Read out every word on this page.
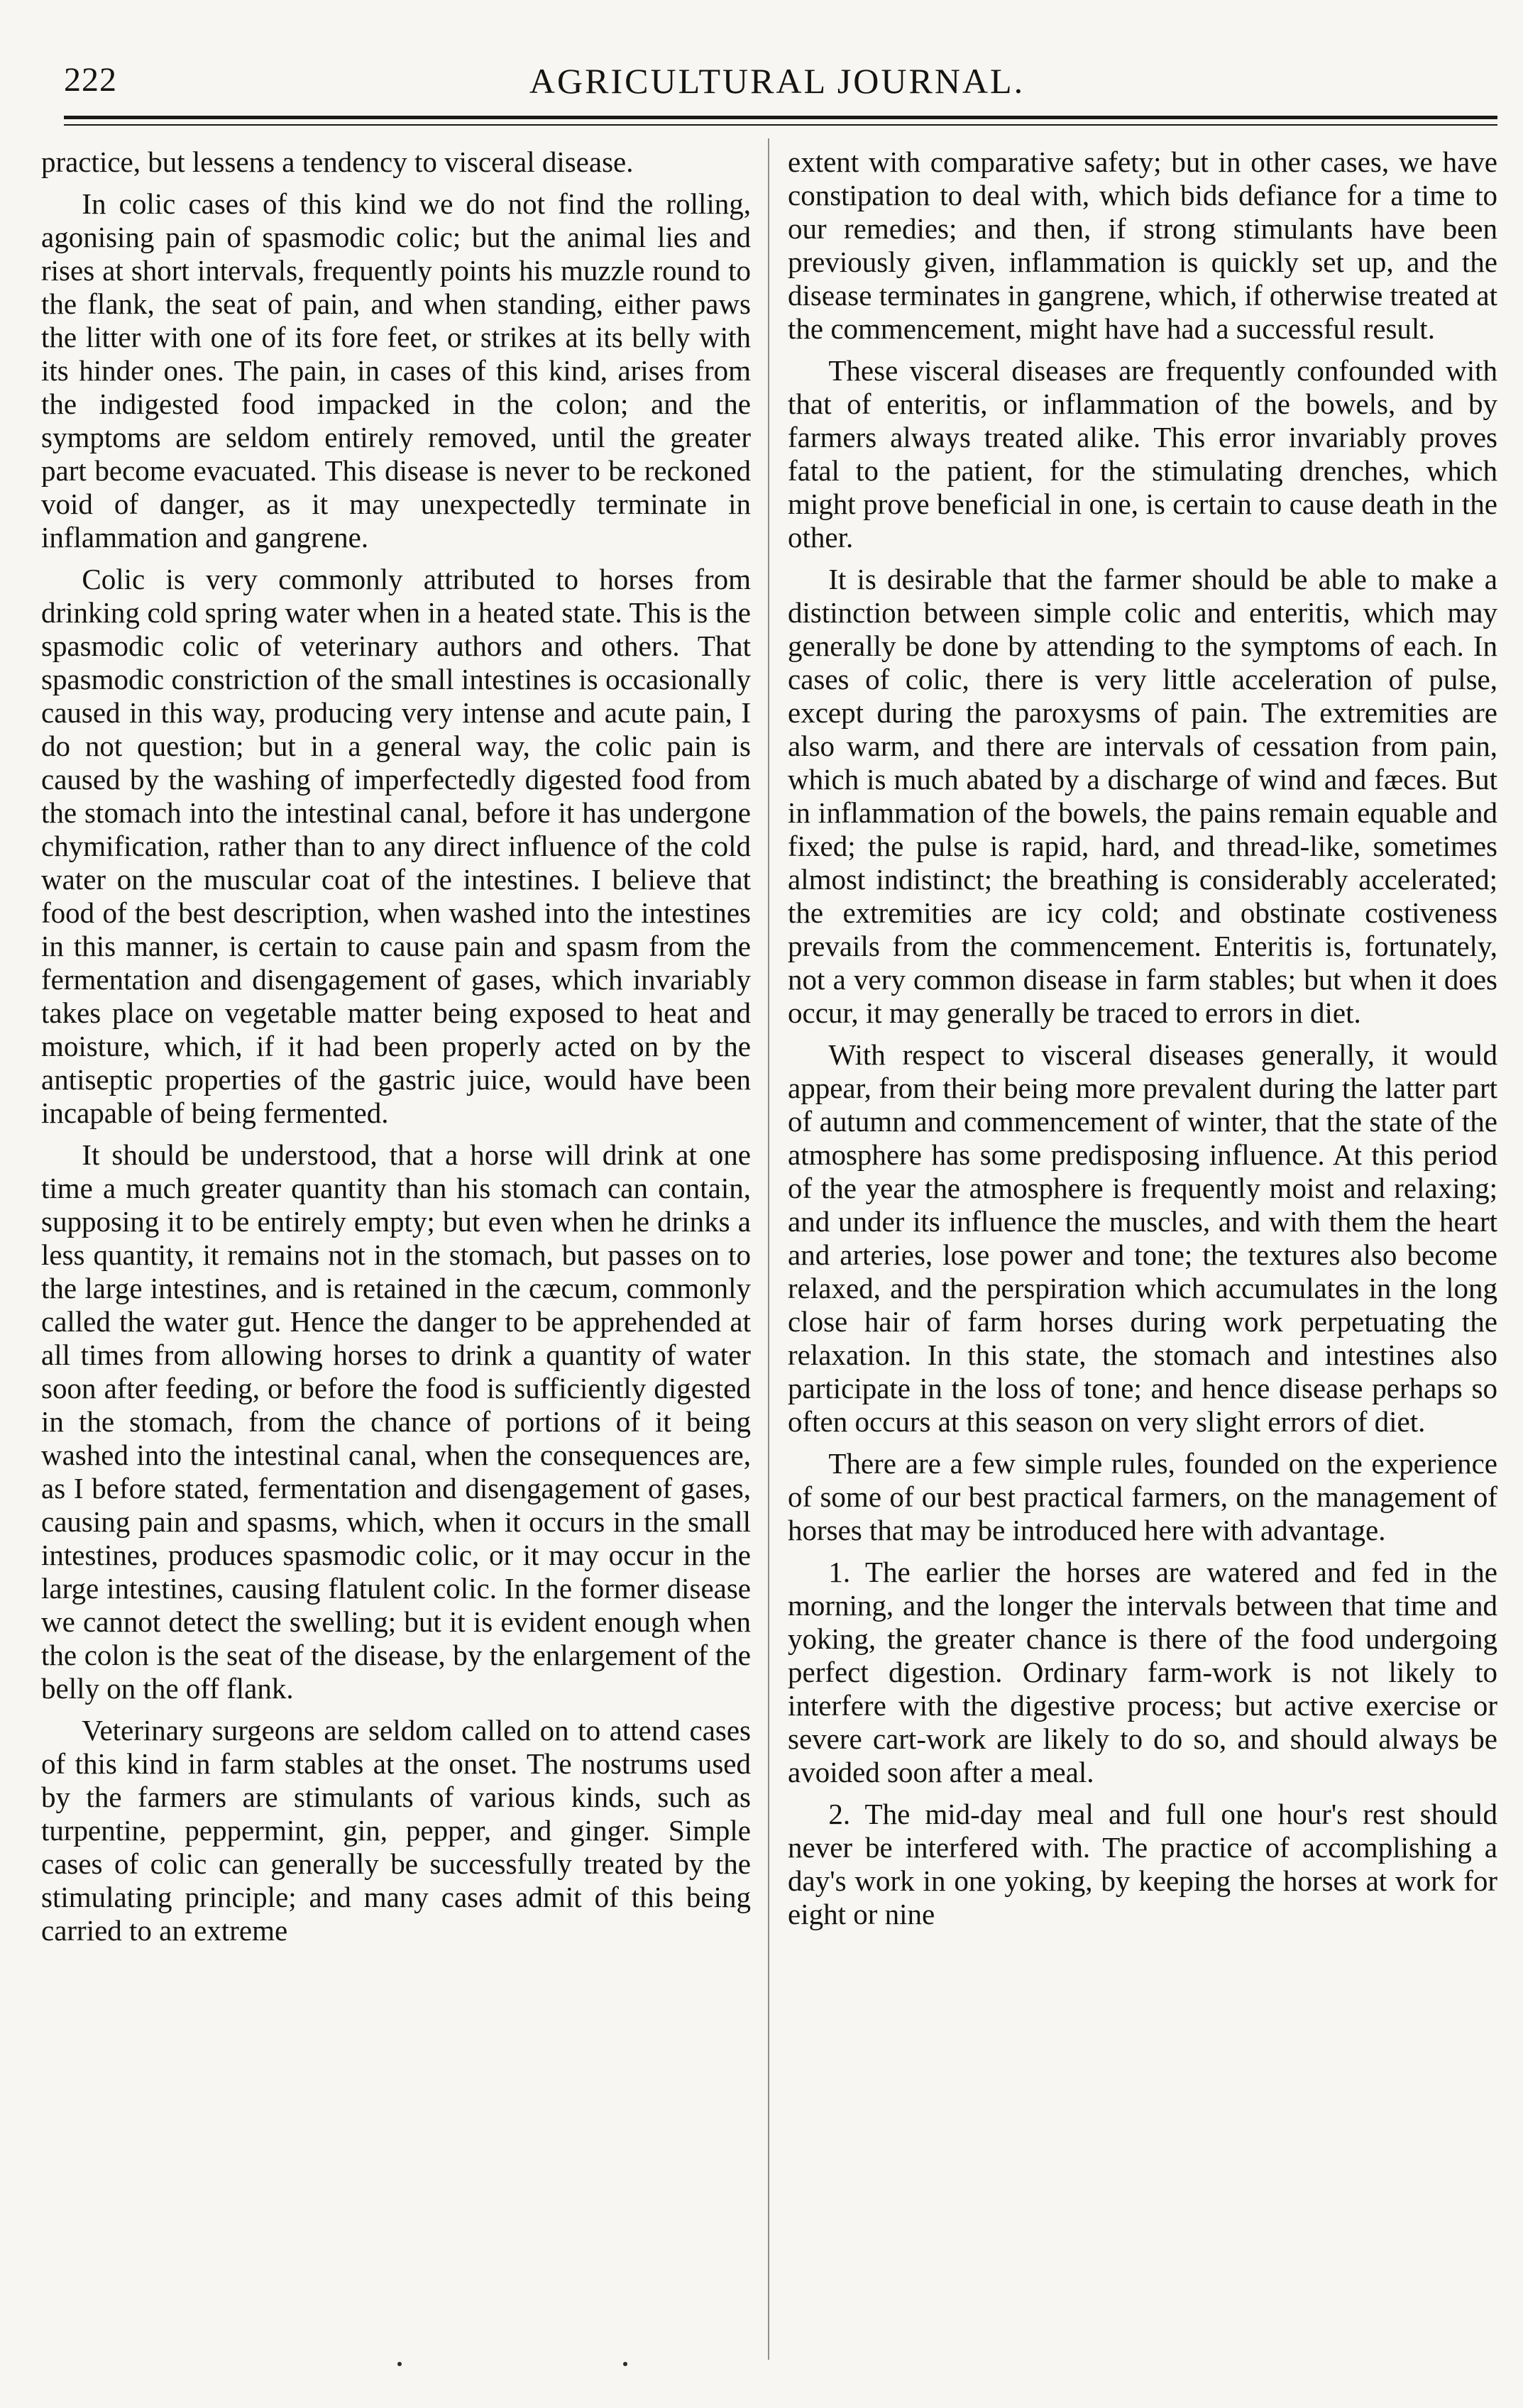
222	AGRICULTURAL JOURNAL.

practice, but lessens a tendency to visceral disease.

In colic cases of this kind we do not find the rolling, agonising pain of spasmodic colic; but the animal lies and rises at short intervals, frequently points his muzzle round to the flank, the seat of pain, and when standing, either paws the litter with one of its fore feet, or strikes at its belly with its hinder ones. The pain, in cases of this kind, arises from the indigested food impacked in the colon; and the symptoms are seldom entirely removed, until the greater part become evacuated. This disease is never to be reckoned void of danger, as it may unexpectedly terminate in inflammation and gangrene.

Colic is very commonly attributed to horses from drinking cold spring water when in a heated state. This is the spasmodic colic of veterinary authors and others. That spasmodic constriction of the small intestines is occasionally caused in this way, producing very intense and acute pain, I do not question; but in a general way, the colic pain is caused by the washing of imperfectedly digested food from the stomach into the intestinal canal, before it has undergone chymification, rather than to any direct influence of the cold water on the muscular coat of the intestines. I believe that food of the best description, when washed into the intestines in this manner, is certain to cause pain and spasm from the fermentation and disengagement of gases, which invariably takes place on vegetable matter being exposed to heat and moisture, which, if it had been properly acted on by the antiseptic properties of the gastric juice, would have been incapable of being fermented.

It should be understood, that a horse will drink at one time a much greater quantity than his stomach can contain, supposing it to be entirely empty; but even when he drinks a less quantity, it remains not in the stomach, but passes on to the large intestines, and is retained in the cæcum, commonly called the water gut. Hence the danger to be apprehended at all times from allowing horses to drink a quantity of water soon after feeding, or before the food is sufficiently digested in the stomach, from the chance of portions of it being washed into the intestinal canal, when the consequences are, as I before stated, fermentation and disengagement of gases, causing pain and spasms, which, when it occurs in the small intestines, produces spasmodic colic, or it may occur in the large intestines, causing flatulent colic. In the former disease we cannot detect the swelling; but it is evident enough when the colon is the seat of the disease, by the enlargement of the belly on the off flank.

Veterinary surgeons are seldom called on to attend cases of this kind in farm stables at the onset. The nostrums used by the farmers are stimulants of various kinds, such as turpentine, peppermint, gin, pepper, and ginger. Simple cases of colic can generally be successfully treated by the stimulating principle; and many cases admit of this being carried to an extreme

extent with comparative safety; but in other cases, we have constipation to deal with, which bids defiance for a time to our remedies; and then, if strong stimulants have been previously given, inflammation is quickly set up, and the disease terminates in gangrene, which, if otherwise treated at the commencement, might have had a successful result.

These visceral diseases are frequently confounded with that of enteritis, or inflammation of the bowels, and by farmers always treated alike. This error invariably proves fatal to the patient, for the stimulating drenches, which might prove beneficial in one, is certain to cause death in the other.

It is desirable that the farmer should be able to make a distinction between simple colic and enteritis, which may generally be done by attending to the symptoms of each. In cases of colic, there is very little acceleration of pulse, except during the paroxysms of pain. The extremities are also warm, and there are intervals of cessation from pain, which is much abated by a discharge of wind and fæces. But in inflammation of the bowels, the pains remain equable and fixed; the pulse is rapid, hard, and thread-like, sometimes almost indistinct; the breathing is considerably accelerated; the extremities are icy cold; and obstinate costiveness prevails from the commencement. Enteritis is, fortunately, not a very common disease in farm stables; but when it does occur, it may generally be traced to errors in diet.

With respect to visceral diseases generally, it would appear, from their being more prevalent during the latter part of autumn and commencement of winter, that the state of the atmosphere has some predisposing influence. At this period of the year the atmosphere is frequently moist and relaxing; and under its influence the muscles, and with them the heart and arteries, lose power and tone; the textures also become relaxed, and the perspiration which accumulates in the long close hair of farm horses during work perpetuating the relaxation. In this state, the stomach and intestines also participate in the loss of tone; and hence disease perhaps so often occurs at this season on very slight errors of diet.

There are a few simple rules, founded on the experience of some of our best practical farmers, on the management of horses that may be introduced here with advantage.

1. The earlier the horses are watered and fed in the morning, and the longer the intervals between that time and yoking, the greater chance is there of the food undergoing perfect digestion. Ordinary farm-work is not likely to interfere with the digestive process; but active exercise or severe cart-work are likely to do so, and should always be avoided soon after a meal.

2. The mid-day meal and full one hour's rest should never be interfered with. The practice of accomplishing a day's work in one yoking, by keeping the horses at work for eight or nine
